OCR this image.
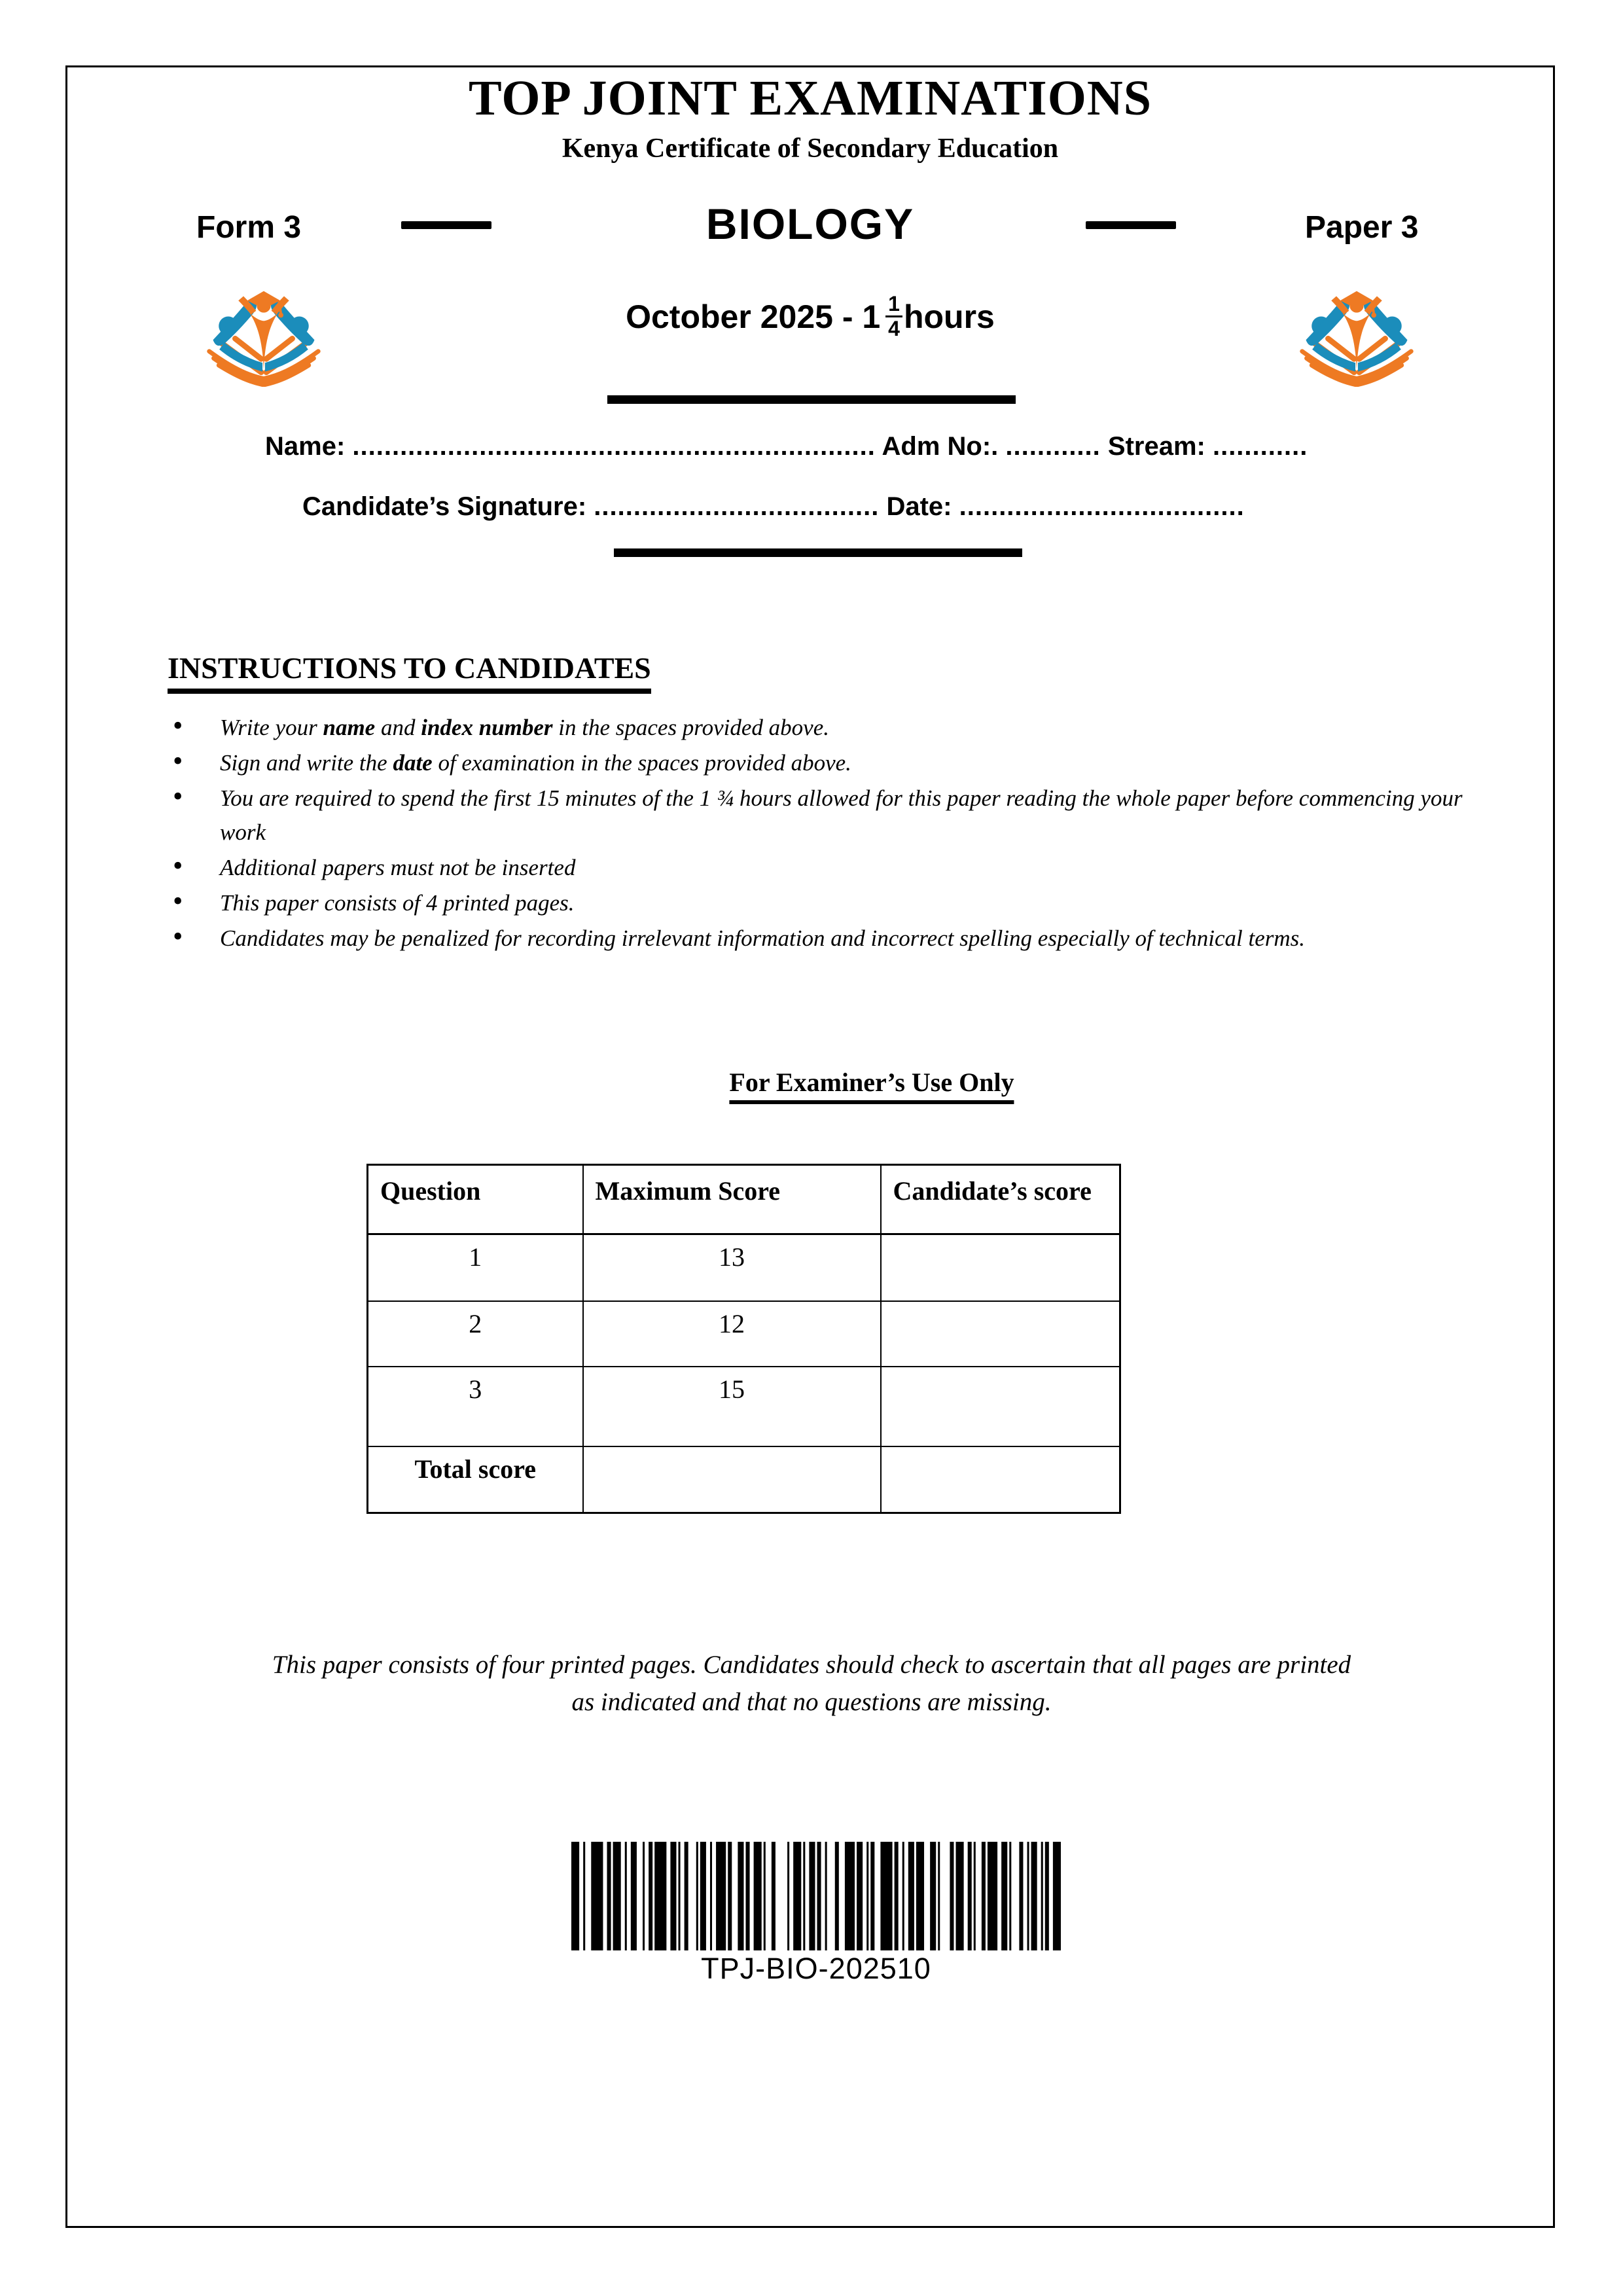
TOP JOINT EXAMINATIONS
Kenya Certificate of Secondary Education
Form 3	BIOLOGY	Paper 3
October $2025 - 1 \frac{1}{4}$ hours
Name: .................................................................. Adm No:. ............ Stream: ............
Candidate’s Signature: .................................... Date: ....................................
INSTRUCTIONS TO CANDIDATES
• Write your name and index number in the spaces provided above.
• Sign and write the date of examination in the spaces provided above.
• You are required to spend the first 15 minutes of the 1 ¾ hours allowed for this paper reading the whole paper before commencing your work
• Additional papers must not be inserted
• This paper consists of 4 printed pages.
• Candidates may be penalized for recording irrelevant information and incorrect spelling especially of technical terms.
For Examiner’s Use Only
Question	Maximum Score	Candidate’s score
1	13	
2	12	
3	15	
Total score		
This paper consists of four printed pages. Candidates should check to ascertain that all pages are printed
as indicated and that no questions are missing.
TPJ-BIO-202510
